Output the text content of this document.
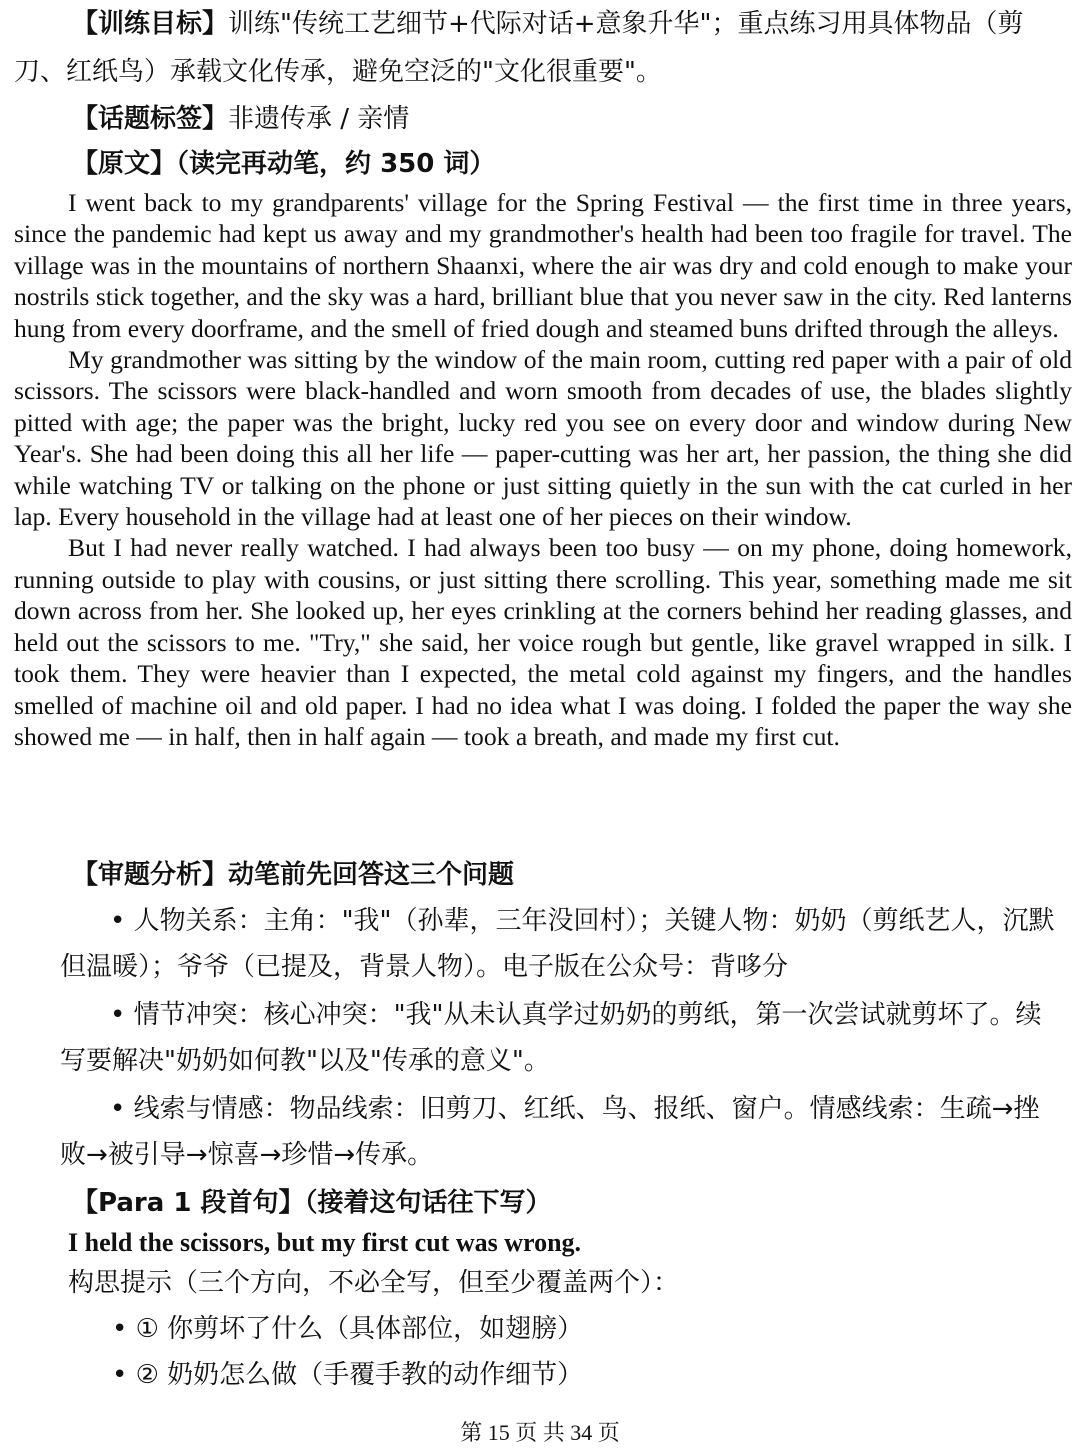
【训练目标】训练"传统工艺细节+代际对话+意象升华"；重点练习用具体物品（剪刀、红纸鸟）承载文化传承，避免空泛的"文化很重要"。
【话题标签】非遗传承 / 亲情
【原文】（读完再动笔，约 350 词）

I went back to my grandparents' village for the Spring Festival — the first time in three years, since the pandemic had kept us away and my grandmother's health had been too fragile for travel. The village was in the mountains of northern Shaanxi, where the air was dry and cold enough to make your nostrils stick together, and the sky was a hard, brilliant blue that you never saw in the city. Red lanterns hung from every doorframe, and the smell of fried dough and steamed buns drifted through the alleys.

My grandmother was sitting by the window of the main room, cutting red paper with a pair of old scissors. The scissors were black-handled and worn smooth from decades of use, the blades slightly pitted with age; the paper was the bright, lucky red you see on every door and window during New Year's. She had been doing this all her life — paper-cutting was her art, her passion, the thing she did while watching TV or talking on the phone or just sitting quietly in the sun with the cat curled in her lap. Every household in the village had at least one of her pieces on their window.

But I had never really watched. I had always been too busy — on my phone, doing homework, running outside to play with cousins, or just sitting there scrolling. This year, something made me sit down across from her. She looked up, her eyes crinkling at the corners behind her reading glasses, and held out the scissors to me. "Try," she said, her voice rough but gentle, like gravel wrapped in silk. I took them. They were heavier than I expected, the metal cold against my fingers, and the handles smelled of machine oil and old paper. I had no idea what I was doing. I folded the paper the way she showed me — in half, then in half again — took a breath, and made my first cut.

【审题分析】动笔前先回答这三个问题
• 人物关系：主角："我"（孙辈，三年没回村）；关键人物：奶奶（剪纸艺人，沉默但温暖）；爷爷（已提及，背景人物）。电子版在公众号：背哆分
• 情节冲突：核心冲突："我"从未认真学过奶奶的剪纸，第一次尝试就剪坏了。续写要解决"奶奶如何教"以及"传承的意义"。
• 线索与情感：物品线索：旧剪刀、红纸、鸟、报纸、窗户。情感线索：生疏→挫败→被引导→惊喜→珍惜→传承。
【Para 1 段首句】（接着这句话往下写）
I held the scissors, but my first cut was wrong.
构思提示（三个方向，不必全写，但至少覆盖两个）：
• ① 你剪坏了什么（具体部位，如翅膀）
• ② 奶奶怎么做（手覆手教的动作细节）
第 15 页 共 34 页
